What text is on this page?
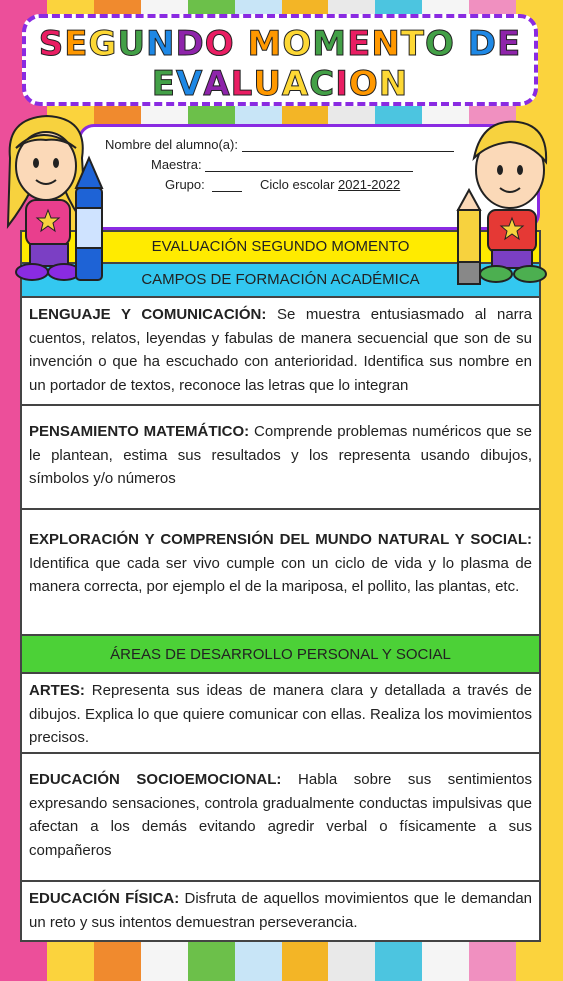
SEGUNDO MOMENTO DE
EVALUACION
Nombre del alumno(a):
Maestra:
Grupo:	Ciclo escolar 2021-2022
EVALUACIÓN SEGUNDO MOMENTO
CAMPOS DE FORMACIÓN ACADÉMICA
LENGUAJE Y COMUNICACIÓN: Se muestra entusiasmado al narra cuentos, relatos, leyendas y fabulas de manera secuencial que son de su invención o que ha escuchado con anterioridad. Identifica sus nombre en un portador de textos, reconoce las letras que lo integran
PENSAMIENTO MATEMÁTICO: Comprende problemas numéricos que se le plantean, estima sus resultados y los representa usando dibujos, símbolos y/o números
EXPLORACIÓN Y COMPRENSIÓN DEL MUNDO NATURAL Y SOCIAL: Identifica que cada ser vivo cumple con un ciclo de vida y lo plasma de manera correcta, por ejemplo el de la mariposa, el pollito, las plantas, etc.
ÁREAS DE DESARROLLO PERSONAL Y SOCIAL
ARTES: Representa sus ideas de manera clara y detallada a través de dibujos. Explica lo que quiere comunicar con ellas. Realiza los movimientos precisos.
EDUCACIÓN SOCIOEMOCIONAL: Habla sobre sus sentimientos expresando sensaciones, controla gradualmente conductas impulsivas que afectan a los demás evitando agredir verbal o físicamente a sus compañeros
EDUCACIÓN FÍSICA: Disfruta de aquellos movimientos que le demandan un reto y sus intentos demuestran perseverancia.
